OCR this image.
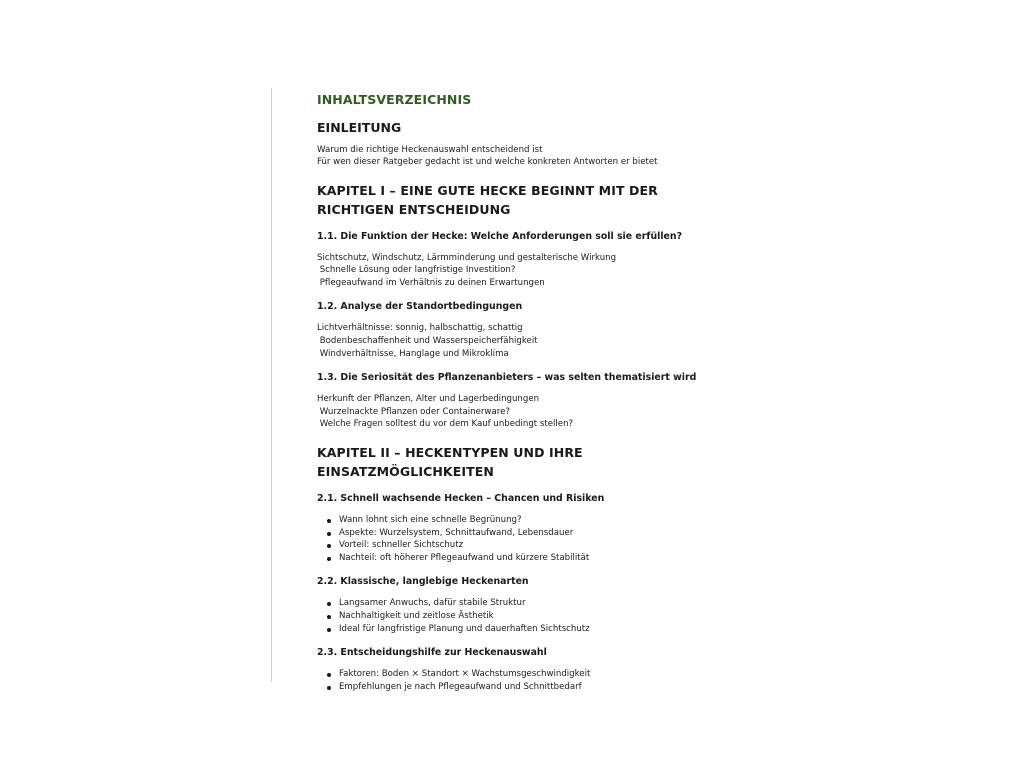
INHALTSVERZEICHNIS
EINLEITUNG
Warum die richtige Heckenauswahl entscheidend ist
Für wen dieser Ratgeber gedacht ist und welche konkreten Antworten er bietet
KAPITEL I – EINE GUTE HECKE BEGINNT MIT DER RICHTIGEN ENTSCHEIDUNG
1.1. Die Funktion der Hecke: Welche Anforderungen soll sie erfüllen?
Sichtschutz, Windschutz, Lärmminderung und gestalterische Wirkung
Schnelle Lösung oder langfristige Investition?
Pflegeaufwand im Verhältnis zu deinen Erwartungen
1.2. Analyse der Standortbedingungen
Lichtverhältnisse: sonnig, halbschattig, schattig
Bodenbeschaffenheit und Wasserspeicherfähigkeit
Windverhältnisse, Hanglage und Mikroklima
1.3. Die Seriosität des Pflanzenanbieters – was selten thematisiert wird
Herkunft der Pflanzen, Alter und Lagerbedingungen
Wurzelnackte Pflanzen oder Containerware?
Welche Fragen solltest du vor dem Kauf unbedingt stellen?
KAPITEL II – HECKENTYPEN UND IHRE EINSATZMÖGLICHKEITEN
2.1. Schnell wachsende Hecken – Chancen und Risiken
Wann lohnt sich eine schnelle Begrünung?
Aspekte: Wurzelsystem, Schnittaufwand, Lebensdauer
Vorteil: schneller Sichtschutz
Nachteil: oft höherer Pflegeaufwand und kürzere Stabilität
2.2. Klassische, langlebige Heckenarten
Langsamer Anwuchs, dafür stabile Struktur
Nachhaltigkeit und zeitlose Ästhetik
Ideal für langfristige Planung und dauerhaften Sichtschutz
2.3. Entscheidungshilfe zur Heckenauswahl
Faktoren: Boden × Standort × Wachstumsgeschwindigkeit
Empfehlungen je nach Pflegeaufwand und Schnittbedarf
